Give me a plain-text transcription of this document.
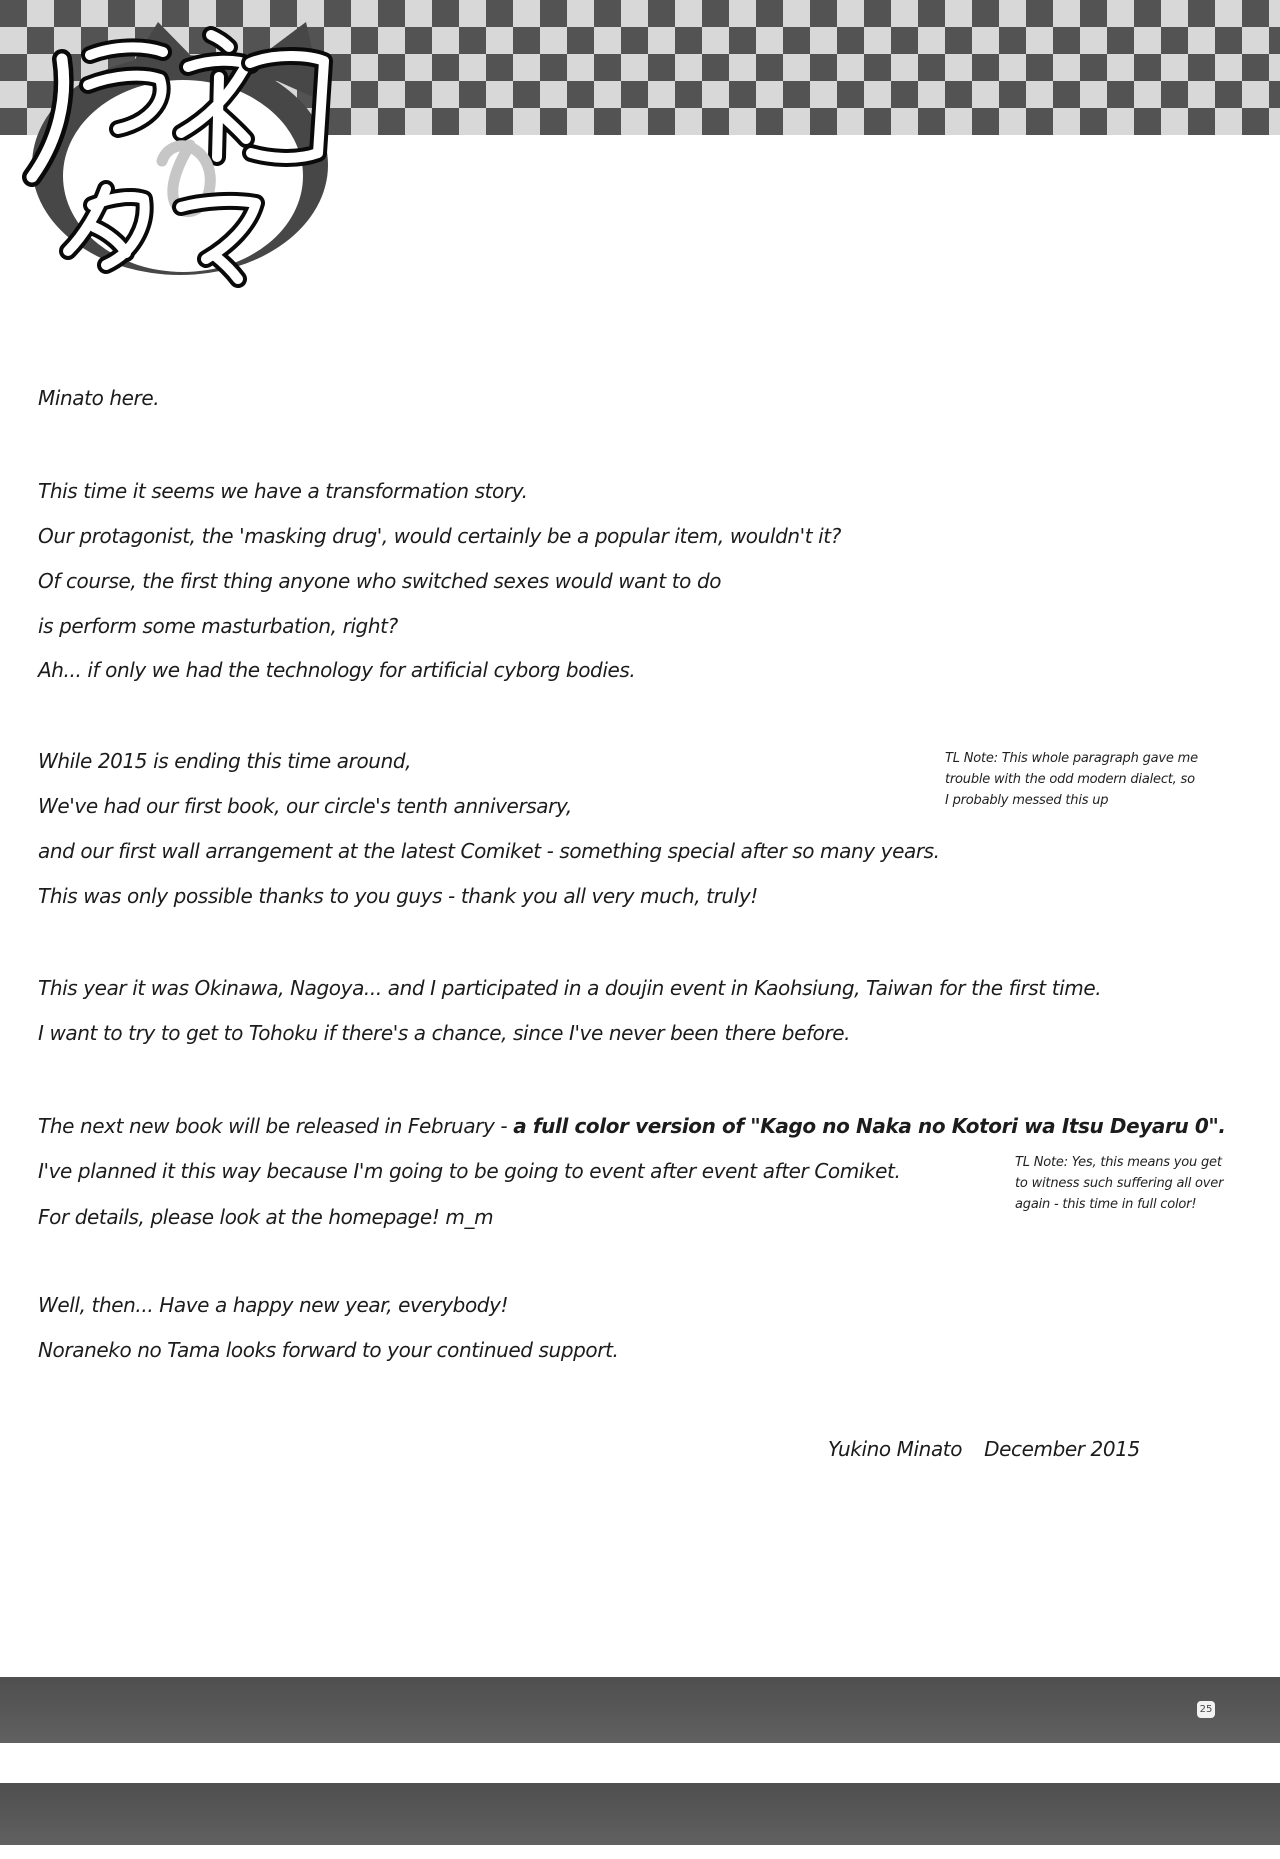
Minato here.
This time it seems we have a transformation story.
Our protagonist, the 'masking drug', would certainly be a popular item, wouldn't it?
Of course, the first thing anyone who switched sexes would want to do
is perform some masturbation, right?
Ah... if only we had the technology for artificial cyborg bodies.
While 2015 is ending this time around,
We've had our first book, our circle's tenth anniversary,
and our first wall arrangement at the latest Comiket - something special after so many years.
This was only possible thanks to you guys - thank you all very much, truly!
This year it was Okinawa, Nagoya... and I participated in a doujin event in Kaohsiung, Taiwan for the first time.
I want to try to get to Tohoku if there's a chance, since I've never been there before.
The next new book will be released in February - a full color version of "Kago no Naka no Kotori wa Itsu Deyaru 0".
I've planned it this way because I'm going to be going to event after event after Comiket.
For details, please look at the homepage! m_m
Well, then... Have a happy new year, everybody!
Noraneko no Tama looks forward to your continued support.
TL Note: This whole paragraph gave me
trouble with the odd modern dialect, so
I probably messed this up
TL Note: Yes, this means you get
to witness such suffering all over
again - this time in full color!
Yukino Minato December 2015
25
